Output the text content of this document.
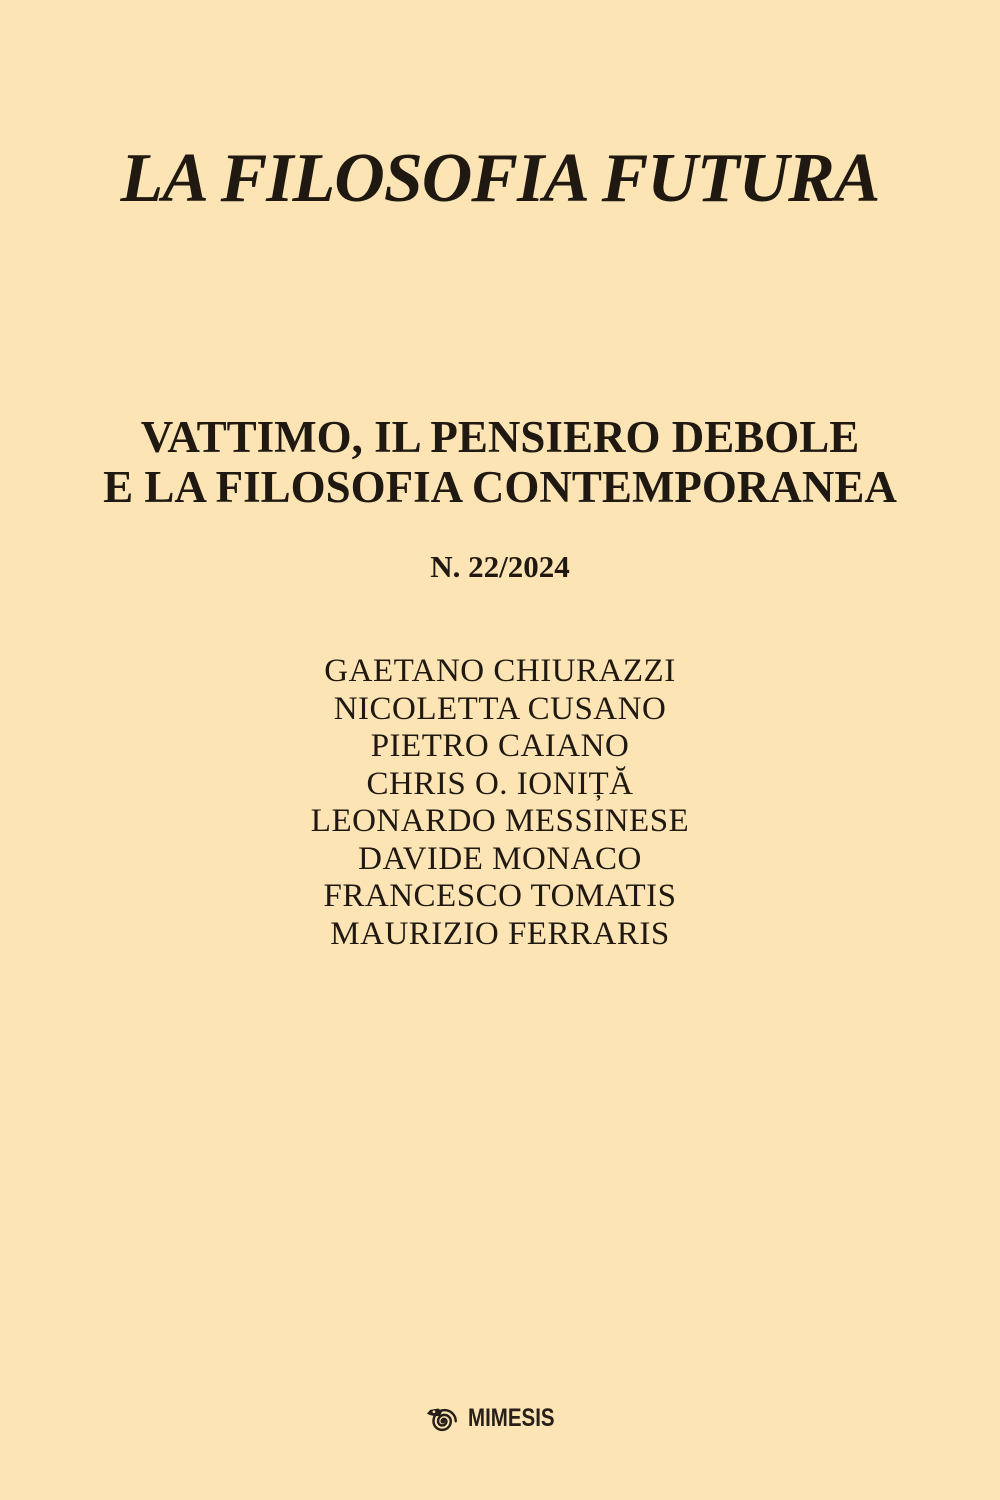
LA FILOSOFIA FUTURA
VATTIMO, IL PENSIERO DEBOLE
E LA FILOSOFIA CONTEMPORANEA
N. 22/2024
GAETANO CHIURAZZI
NICOLETTA CUSANO
PIETRO CAIANO
CHRIS O. IONIȚĂ
LEONARDO MESSINESE
DAVIDE MONACO
FRANCESCO TOMATIS
MAURIZIO FERRARIS
MIMESIS
